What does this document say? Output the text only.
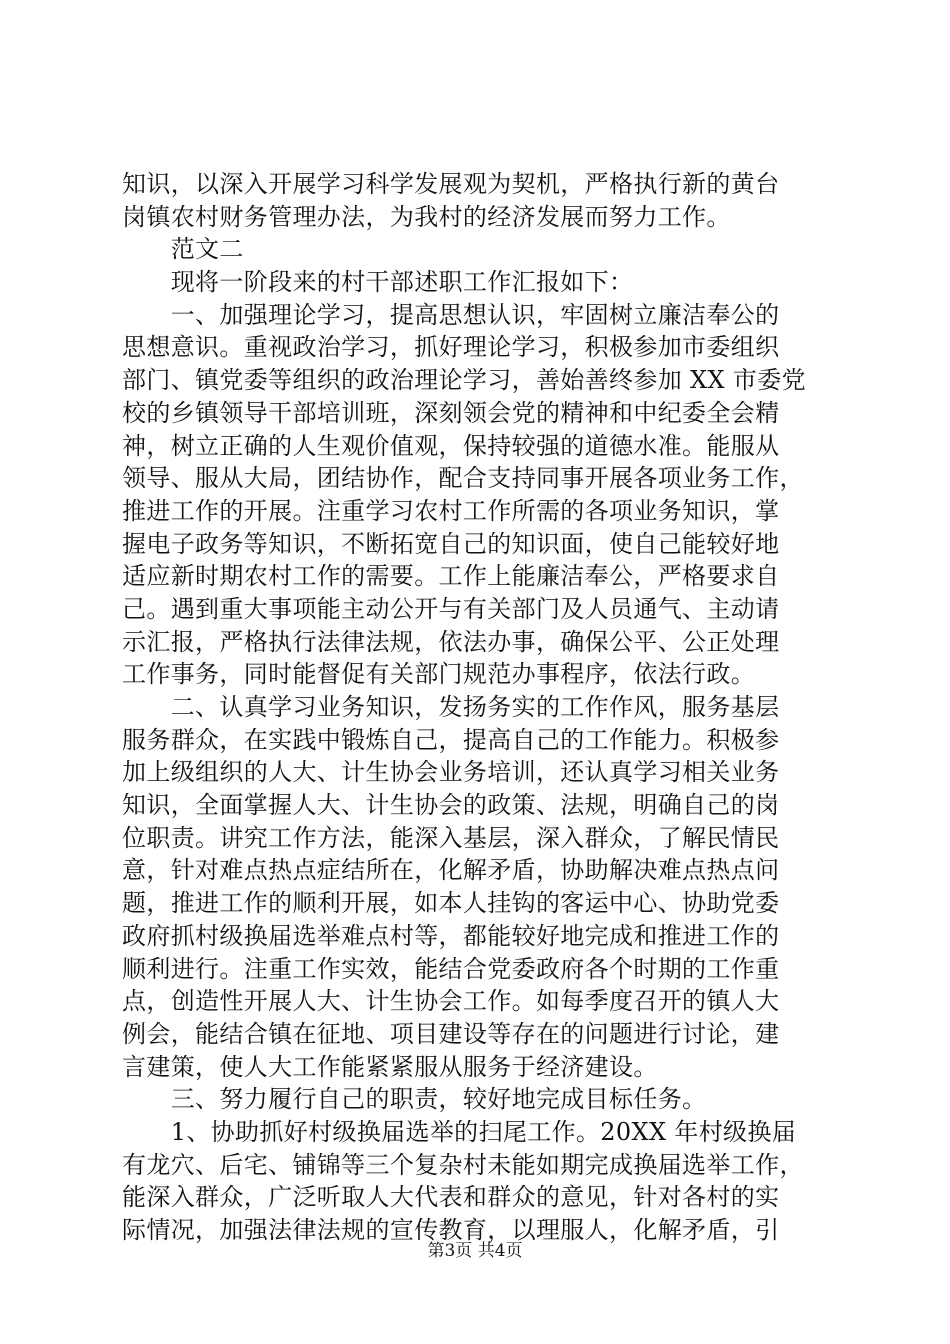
知识，以深入开展学习科学发展观为契机，严格执行新的黄台
岗镇农村财务管理办法，为我村的经济发展而努力工作。
　　范文二
　　现将一阶段来的村干部述职工作汇报如下：
　　一、加强理论学习，提高思想认识，牢固树立廉洁奉公的
思想意识。重视政治学习，抓好理论学习，积极参加市委组织
部门、镇党委等组织的政治理论学习，善始善终参加 XX 市委党
校的乡镇领导干部培训班，深刻领会党的精神和中纪委全会精
神，树立正确的人生观价值观，保持较强的道德水准。能服从
领导、服从大局，团结协作，配合支持同事开展各项业务工作，
推进工作的开展。注重学习农村工作所需的各项业务知识，掌
握电子政务等知识，不断拓宽自己的知识面，使自己能较好地
适应新时期农村工作的需要。工作上能廉洁奉公，严格要求自
己。遇到重大事项能主动公开与有关部门及人员通气、主动请
示汇报，严格执行法律法规，依法办事，确保公平、公正处理
工作事务，同时能督促有关部门规范办事程序，依法行政。
　　二、认真学习业务知识，发扬务实的工作作风，服务基层
服务群众，在实践中锻炼自己，提高自己的工作能力。积极参
加上级组织的人大、计生协会业务培训，还认真学习相关业务
知识，全面掌握人大、计生协会的政策、法规，明确自己的岗
位职责。讲究工作方法，能深入基层，深入群众，了解民情民
意，针对难点热点症结所在，化解矛盾，协助解决难点热点问
题，推进工作的顺利开展，如本人挂钩的客运中心、协助党委
政府抓村级换届选举难点村等，都能较好地完成和推进工作的
顺利进行。注重工作实效，能结合党委政府各个时期的工作重
点，创造性开展人大、计生协会工作。如每季度召开的镇人大
例会，能结合镇在征地、项目建设等存在的问题进行讨论，建
言建策，使人大工作能紧紧服从服务于经济建设。
　　三、努力履行自己的职责，较好地完成目标任务。
　　1、协助抓好村级换届选举的扫尾工作。20XX 年村级换届
有龙穴、后宅、铺锦等三个复杂村未能如期完成换届选举工作，
能深入群众，广泛听取人大代表和群众的意见，针对各村的实
际情况，加强法律法规的宣传教育，以理服人，化解矛盾，引
第3页 共4页
